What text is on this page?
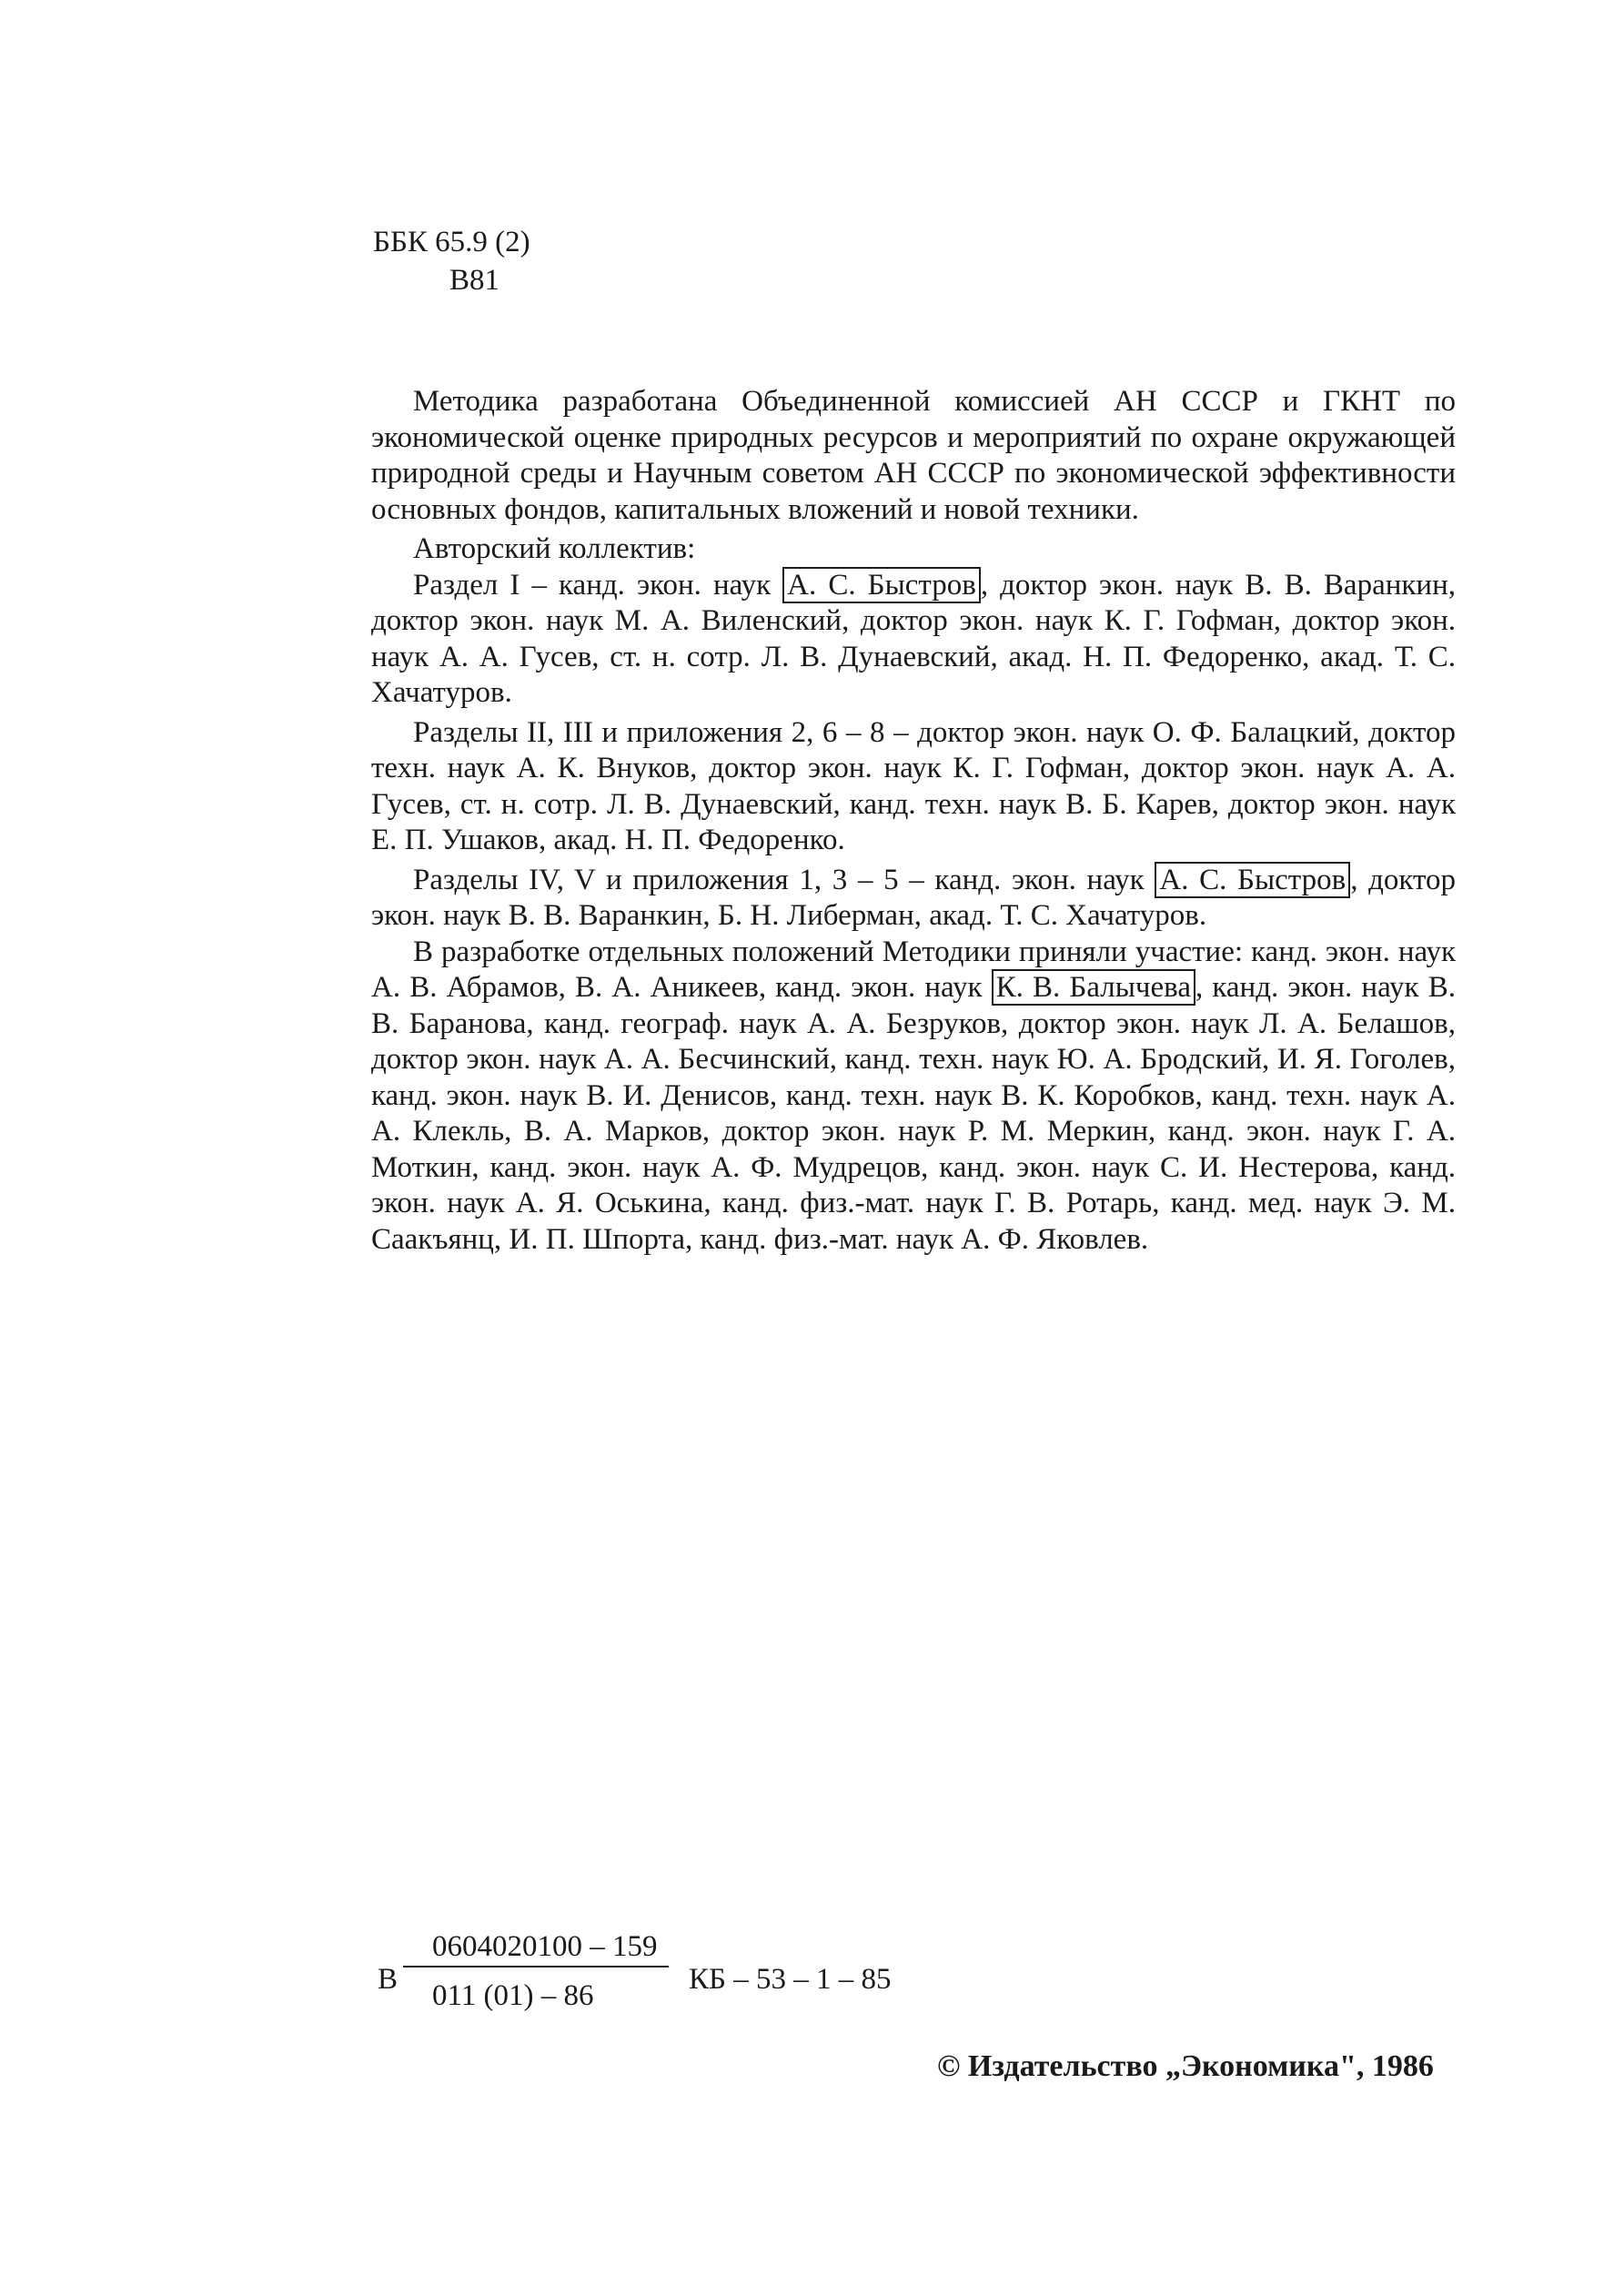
ББК 65.9 (2)
В81

Методика разработана Объединенной комиссией АН СССР и ГКНТ по экономической оценке природных ресурсов и мероприятий по охране окружающей природной среды и Научным советом АН СССР по экономической эффективности основных фондов, капитальных вложений и новой техники.

Авторский коллектив:

Раздел I – канд. экон. наук А. С. Быстров , доктор экон. наук В. В. Варанкин, доктор экон. наук М. А. Виленский, доктор экон. наук К. Г. Гофман, доктор экон. наук А. А. Гусев, ст. н. сотр. Л. В. Дунаевский, акад. Н. П. Федоренко, акад. Т. С. Хачатуров.

Разделы II, III и приложения 2, 6 – 8 – доктор экон. наук О. Ф. Балацкий, доктор техн. наук А. К. Внуков, доктор экон. наук К. Г. Гофман, доктор экон. наук А. А. Гусев, ст. н. сотр. Л. В. Дунаевский, канд. техн. наук В. Б. Карев, доктор экон. наук Е. П. Ушаков, акад. Н. П. Федоренко.

Разделы IV, V и приложения 1, 3 – 5 – канд. экон. наук А. С. Быстров , доктор экон. наук В. В. Варанкин, Б. Н. Либерман, акад. Т. С. Хачатуров.

В разработке отдельных положений Методики приняли участие: канд. экон. наук А. В. Абрамов, В. А. Аникеев, канд. экон. наук К. В. Балычева , канд. экон. наук В. В. Баранова, канд. географ. наук А. А. Безруков, доктор экон. наук Л. А. Белашов, доктор экон. наук А. А. Бесчинский, канд. техн. наук Ю. А. Бродский, И. Я. Гоголев, канд. экон. наук В. И. Денисов, канд. техн. наук В. К. Коробков, канд. техн. наук А. А. Клекль, В. А. Марков, доктор экон. наук Р. М. Меркин, канд. экон. наук Г. А. Моткин, канд. экон. наук А. Ф. Мудрецов, канд. экон. наук С. И. Нестерова, канд. экон. наук А. Я. Оськина, канд. физ.-мат. наук Г. В. Ротарь, канд. мед. наук Э. М. Саакъянц, И. П. Шпорта, канд. физ.-мат. наук А. Ф. Яковлев.

В $\frac{0604020100 - 159}{011 (01) - 86}$ КБ – 53 – 1 – 85
© Издательство „Экономика", 1986
